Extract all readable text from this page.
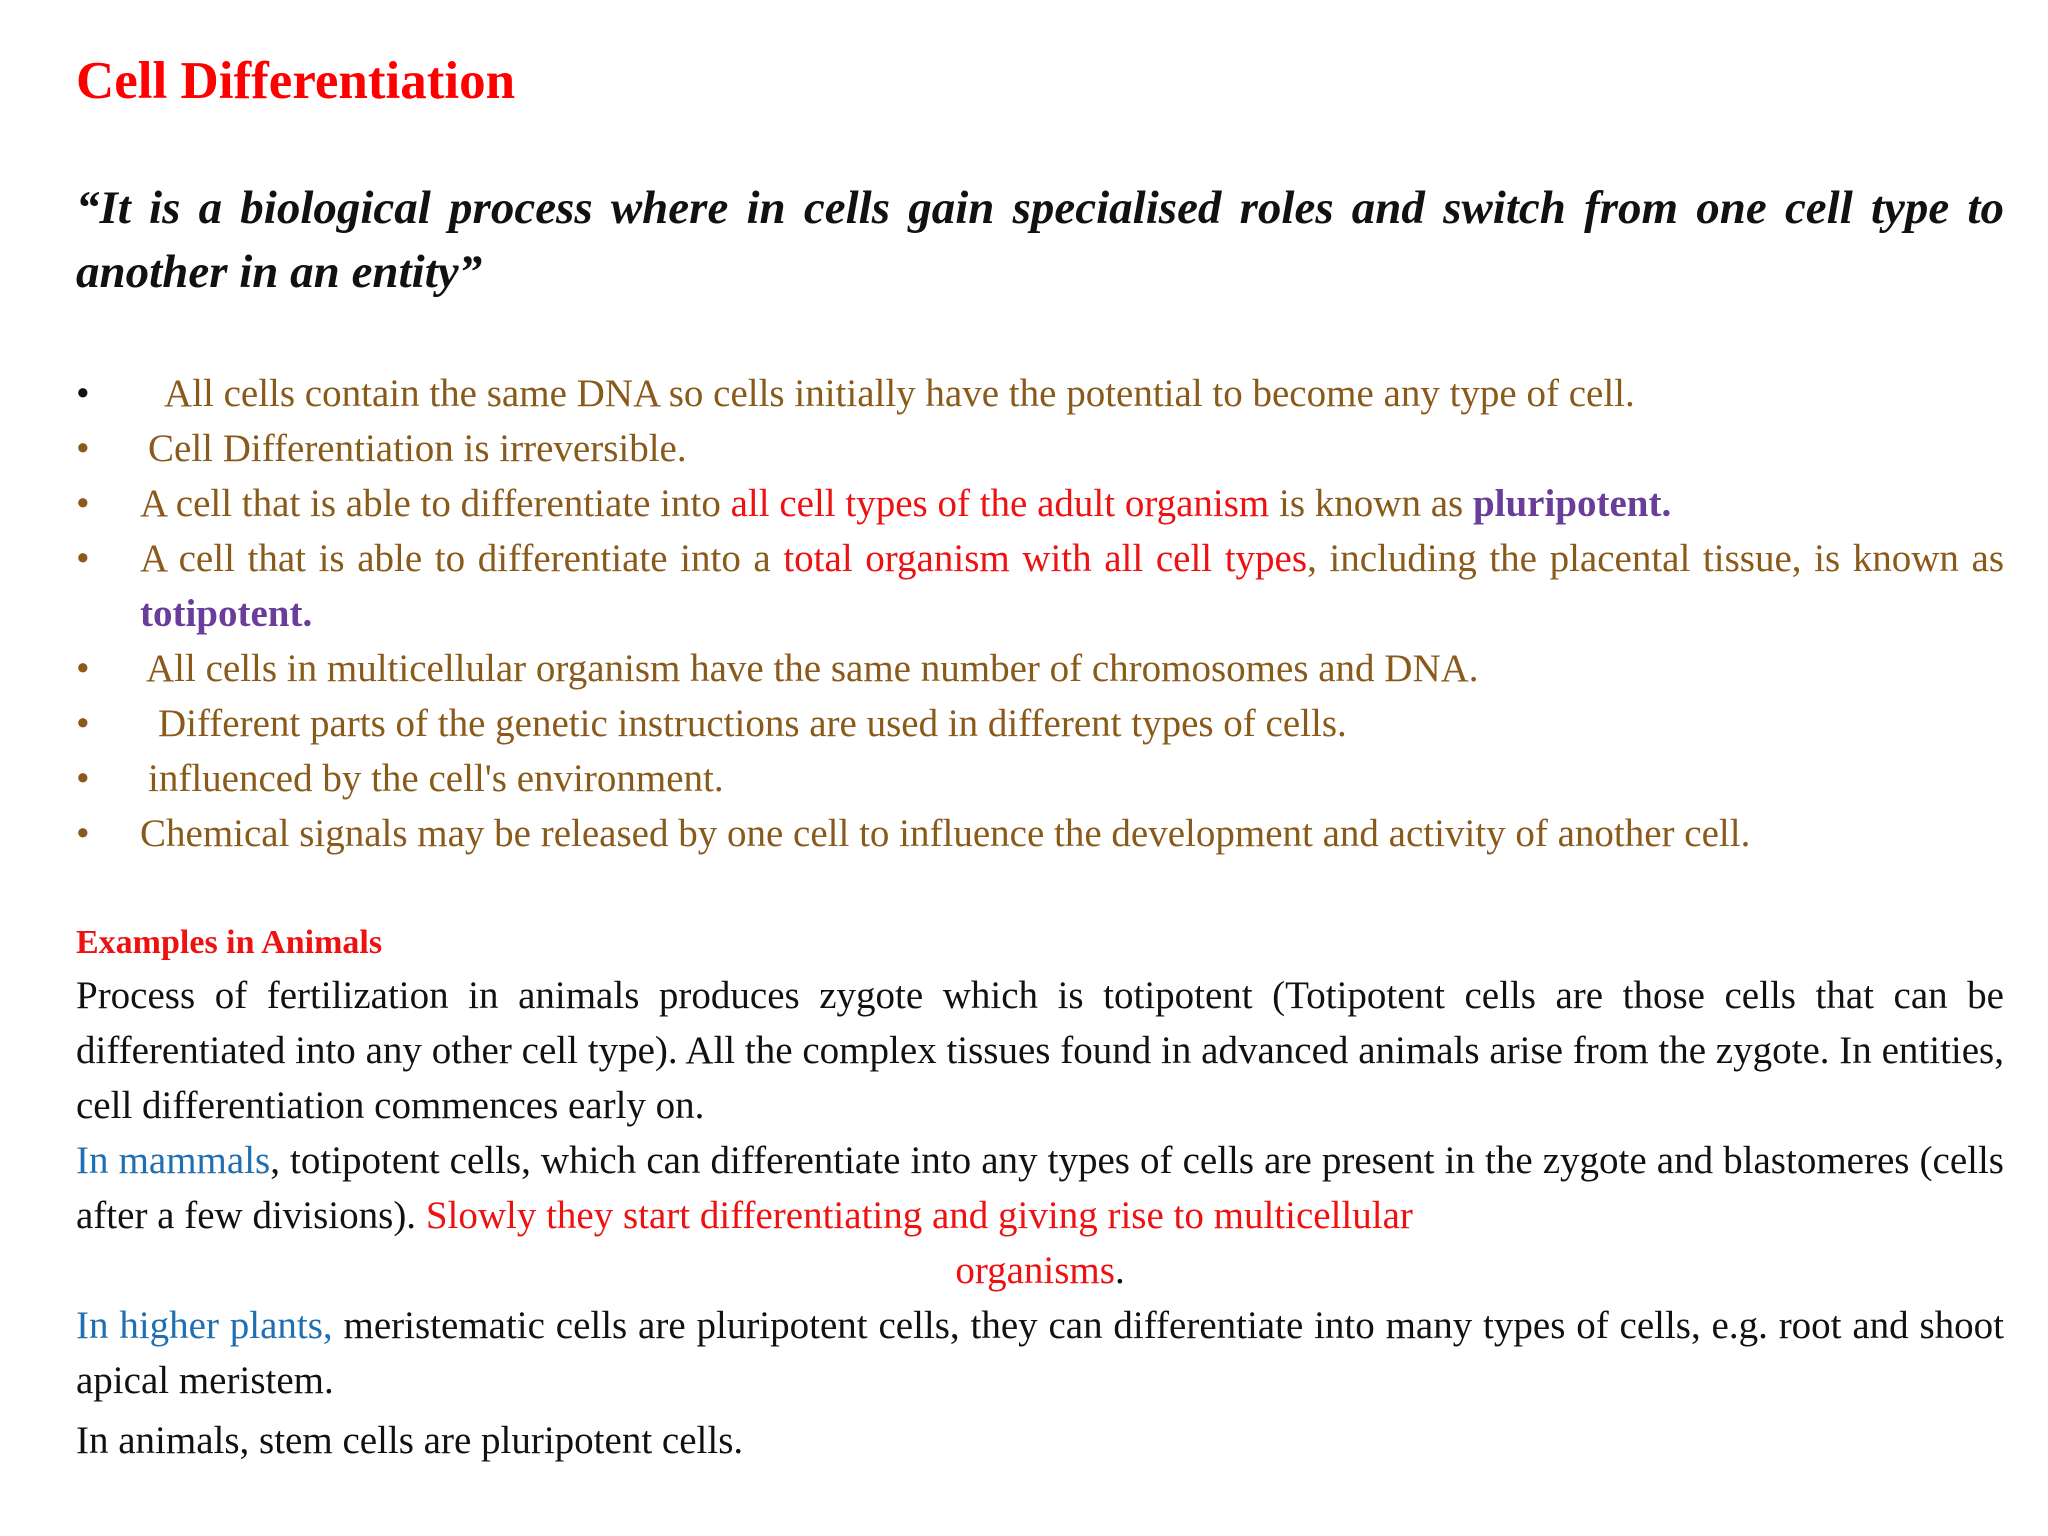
Cell Differentiation

“It is a biological process where in cells gain specialised roles and switch from one cell type to another in an entity”

• All cells contain the same DNA so cells initially have the potential to become any type of cell.
• Cell Differentiation is irreversible.
• A cell that is able to differentiate into all cell types of the adult organism is known as pluripotent.
• A cell that is able to differentiate into a total organism with all cell types, including the placental tissue, is known as totipotent.
• All cells in multicellular organism have the same number of chromosomes and DNA.
• Different parts of the genetic instructions are used in different types of cells.
• influenced by the cell's environment.
• Chemical signals may be released by one cell to influence the development and activity of another cell.
Examples in Animals

Process of fertilization in animals produces zygote which is totipotent (Totipotent cells are those cells that can be differentiated into any other cell type). All the complex tissues found in advanced animals arise from the zygote. In entities, cell differentiation commences early on.

In mammals, totipotent cells, which can differentiate into any types of cells are present in the zygote and blastomeres (cells after a few divisions). Slowly they start differentiating and giving rise to multicellular

organisms.

In higher plants, meristematic cells are pluripotent cells, they can differentiate into many types of cells, e.g. root and shoot apical meristem.

In animals, stem cells are pluripotent cells.
